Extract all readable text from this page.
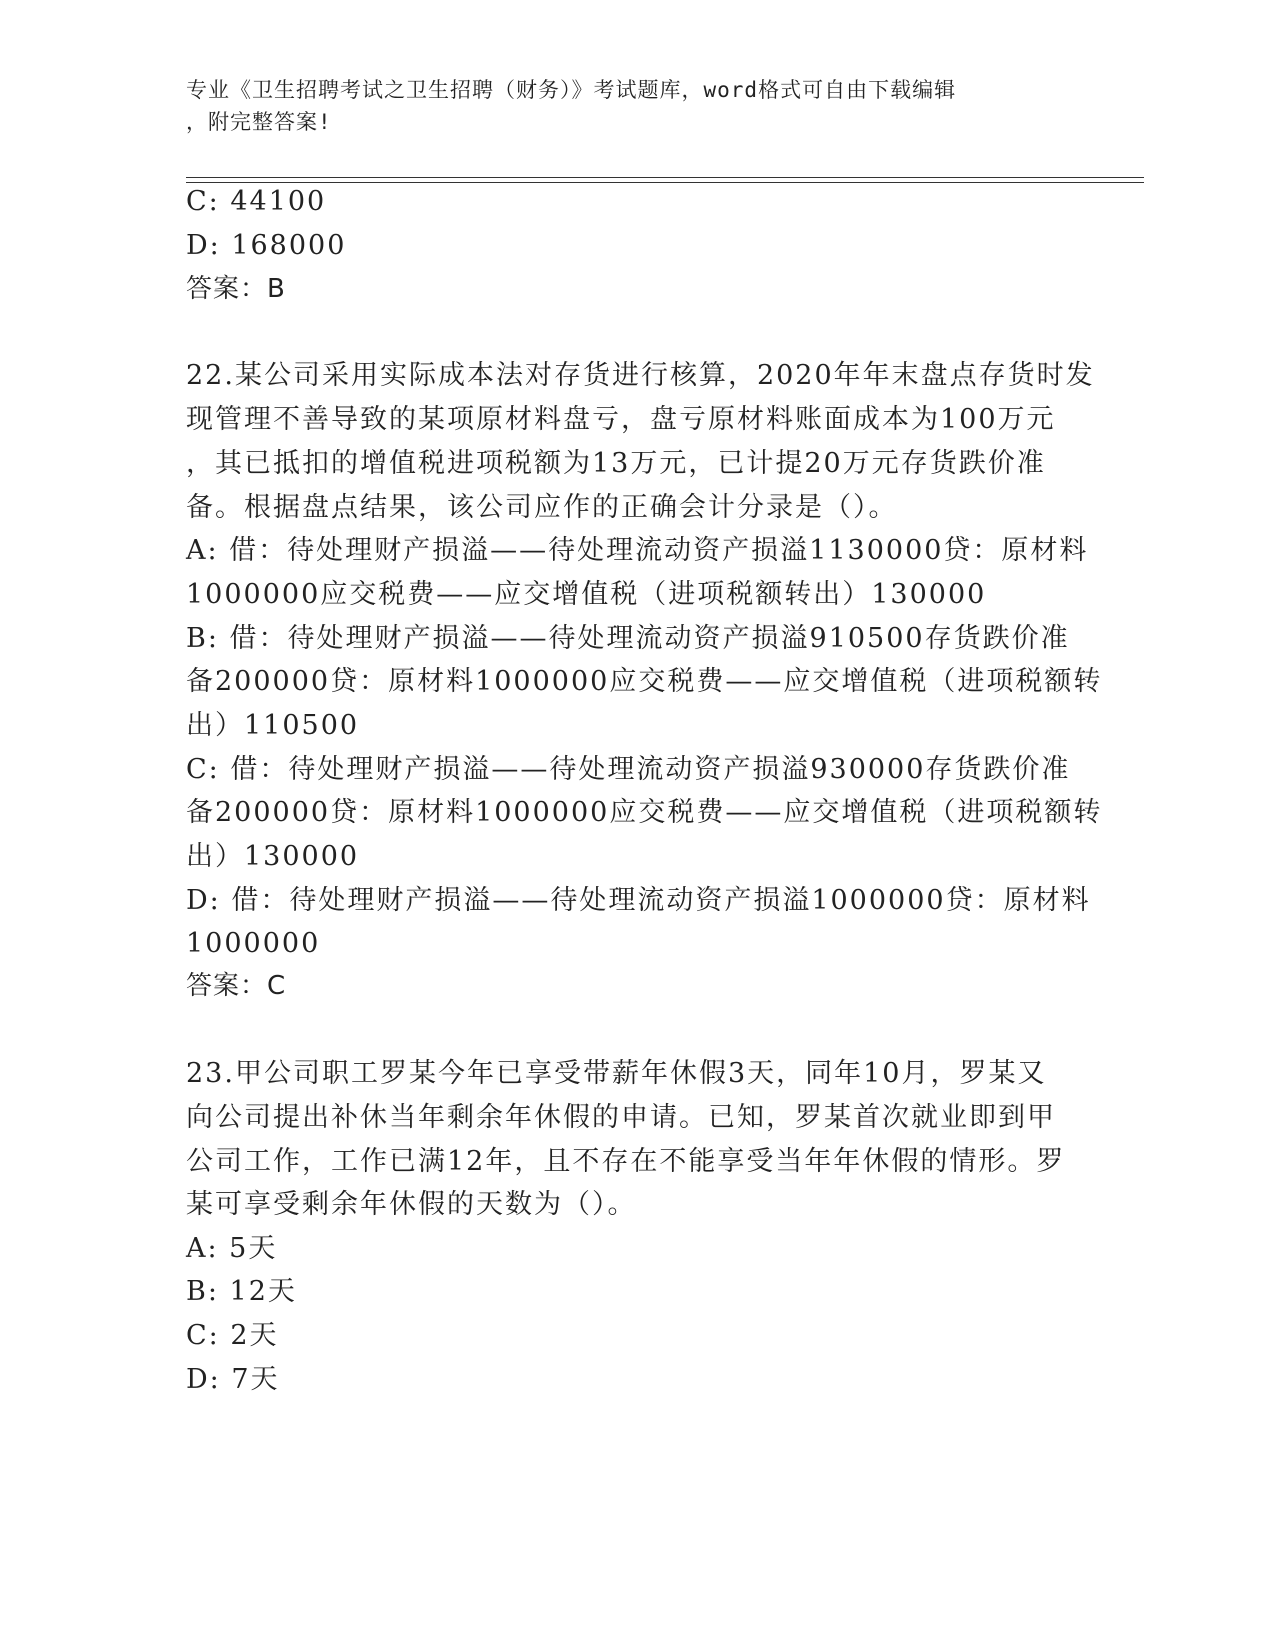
专业《卫生招聘考试之卫生招聘（财务）》考试题库，word格式可自由下载编辑
，附完整答案!
C: 44100
D: 168000
答案：B
22.某公司采用实际成本法对存货进行核算，2020年年末盘点存货时发
现管理不善导致的某项原材料盘亏，盘亏原材料账面成本为100万元
，其已抵扣的增值税进项税额为13万元，已计提20万元存货跌价准
备。根据盘点结果，该公司应作的正确会计分录是（）。
A: 借：待处理财产损溢——待处理流动资产损溢1130000贷：原材料
1000000应交税费——应交增值税（进项税额转出）130000
B: 借：待处理财产损溢——待处理流动资产损溢910500存货跌价准
备200000贷：原材料1000000应交税费——应交增值税（进项税额转
出）110500
C: 借：待处理财产损溢——待处理流动资产损溢930000存货跌价准
备200000贷：原材料1000000应交税费——应交增值税（进项税额转
出）130000
D: 借：待处理财产损溢——待处理流动资产损溢1000000贷：原材料
1000000
答案：C
23.甲公司职工罗某今年已享受带薪年休假3天，同年10月，罗某又
向公司提出补休当年剩余年休假的申请。已知，罗某首次就业即到甲
公司工作，工作已满12年，且不存在不能享受当年年休假的情形。罗
某可享受剩余年休假的天数为（）。
A: 5天
B: 12天
C: 2天
D: 7天
